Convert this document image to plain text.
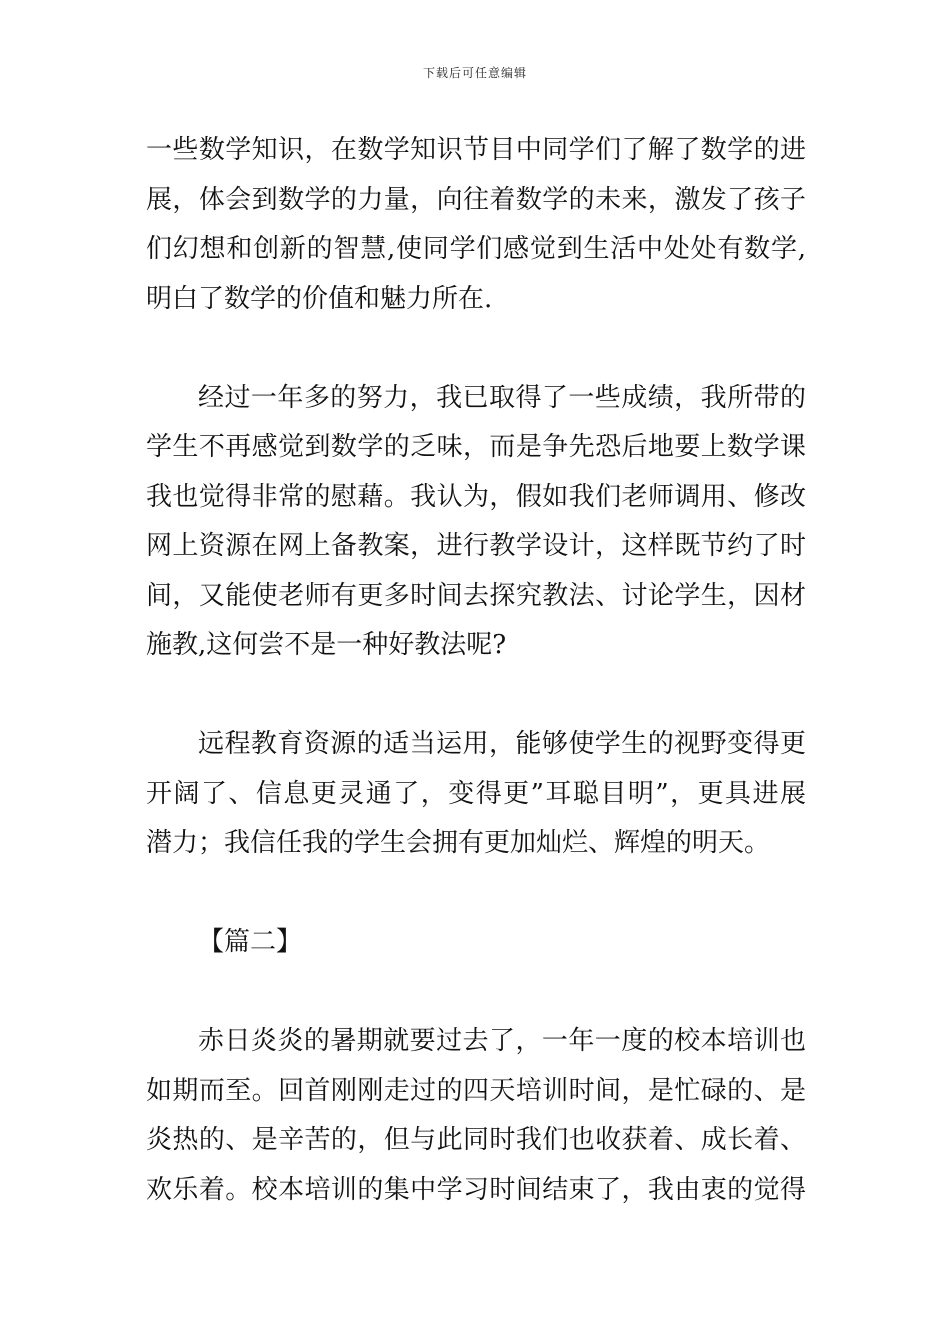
下载后可任意编辑
一些数学知识，在数学知识节目中同学们了解了数学的进
展，体会到数学的力量，向往着数学的未来，激发了孩子
们幻想和创新的智慧,使同学们感觉到生活中处处有数学,
明白了数学的价值和魅力所在.
经过一年多的努力，我已取得了一些成绩，我所带的
学生不再感觉到数学的乏味，而是争先恐后地要上数学课
我也觉得非常的慰藉。我认为，假如我们老师调用、修改
网上资源在网上备教案，进行教学设计，这样既节约了时
间，又能使老师有更多时间去探究教法、讨论学生，因材
施教,这何尝不是一种好教法呢?
远程教育资源的适当运用，能够使学生的视野变得更
开阔了、信息更灵通了，变得更”耳聪目明”，更具进展
潜力；我信任我的学生会拥有更加灿烂、辉煌的明天。
【篇二】
赤日炎炎的暑期就要过去了，一年一度的校本培训也
如期而至。回首刚刚走过的四天培训时间，是忙碌的、是
炎热的、是辛苦的，但与此同时我们也收获着、成长着、
欢乐着。校本培训的集中学习时间结束了，我由衷的觉得
